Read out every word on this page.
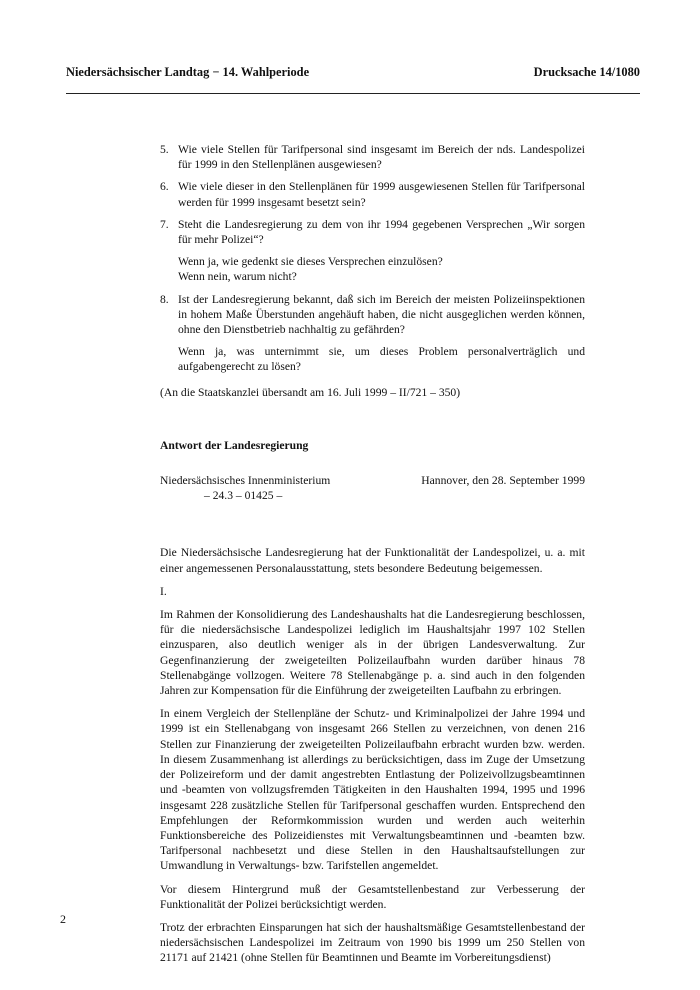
Niedersächsischer Landtag − 14. Wahlperiode	Drucksache 14/1080
5. Wie viele Stellen für Tarifpersonal sind insgesamt im Bereich der nds. Landespolizei für 1999 in den Stellenplänen ausgewiesen?
6. Wie viele dieser in den Stellenplänen für 1999 ausgewiesenen Stellen für Tarifpersonal werden für 1999 insgesamt besetzt sein?
7. Steht die Landesregierung zu dem von ihr 1994 gegebenen Versprechen „Wir sorgen für mehr Polizei“?
Wenn ja, wie gedenkt sie dieses Versprechen einzulösen?
Wenn nein, warum nicht?
8. Ist der Landesregierung bekannt, daß sich im Bereich der meisten Polizeiinspektionen in hohem Maße Überstunden angehäuft haben, die nicht ausgeglichen werden können, ohne den Dienstbetrieb nachhaltig zu gefährden?
Wenn ja, was unternimmt sie, um dieses Problem personalverträglich und aufgabengerecht zu lösen?
(An die Staatskanzlei übersandt am 16. Juli 1999 – II/721 – 350)
Antwort der Landesregierung
Niedersächsisches Innenministerium
– 24.3 – 01425 –
Hannover, den 28. September 1999
Die Niedersächsische Landesregierung hat der Funktionalität der Landespolizei, u. a. mit einer angemessenen Personalausstattung, stets besondere Bedeutung beigemessen.
I.
Im Rahmen der Konsolidierung des Landeshaushalts hat die Landesregierung beschlossen, für die niedersächsische Landespolizei lediglich im Haushaltsjahr 1997 102 Stellen einzusparen, also deutlich weniger als in der übrigen Landesverwaltung. Zur Gegenfinanzierung der zweigeteilten Polizeilaufbahn wurden darüber hinaus 78 Stellenabgänge vollzogen. Weitere 78 Stellenabgänge p. a. sind auch in den folgenden Jahren zur Kompensation für die Einführung der zweigeteilten Laufbahn zu erbringen.
In einem Vergleich der Stellenpläne der Schutz- und Kriminalpolizei der Jahre 1994 und 1999 ist ein Stellenabgang von insgesamt 266 Stellen zu verzeichnen, von denen 216 Stellen zur Finanzierung der zweigeteilten Polizeilaufbahn erbracht wurden bzw. werden. In diesem Zusammenhang ist allerdings zu berücksichtigen, dass im Zuge der Umsetzung der Polizeireform und der damit angestrebten Entlastung der Polizeivollzugsbeamtinnen und -beamten von vollzugsfremden Tätigkeiten in den Haushalten 1994, 1995 und 1996 insgesamt 228 zusätzliche Stellen für Tarifpersonal geschaffen wurden. Entsprechend den Empfehlungen der Reformkommission wurden und werden auch weiterhin Funktionsbereiche des Polizeidienstes mit Verwaltungsbeamtinnen und -beamten bzw. Tarifpersonal nachbesetzt und diese Stellen in den Haushaltsaufstellungen zur Umwandlung in Verwaltungs- bzw. Tarifstellen angemeldet.
Vor diesem Hintergrund muß der Gesamtstellenbestand zur Verbesserung der Funktionalität der Polizei berücksichtigt werden.
Trotz der erbrachten Einsparungen hat sich der haushaltsmäßige Gesamtstellenbestand der niedersächsischen Landespolizei im Zeitraum von 1990 bis 1999 um 250 Stellen von 21171 auf 21421 (ohne Stellen für Beamtinnen und Beamte im Vorbereitungsdienst)
2
